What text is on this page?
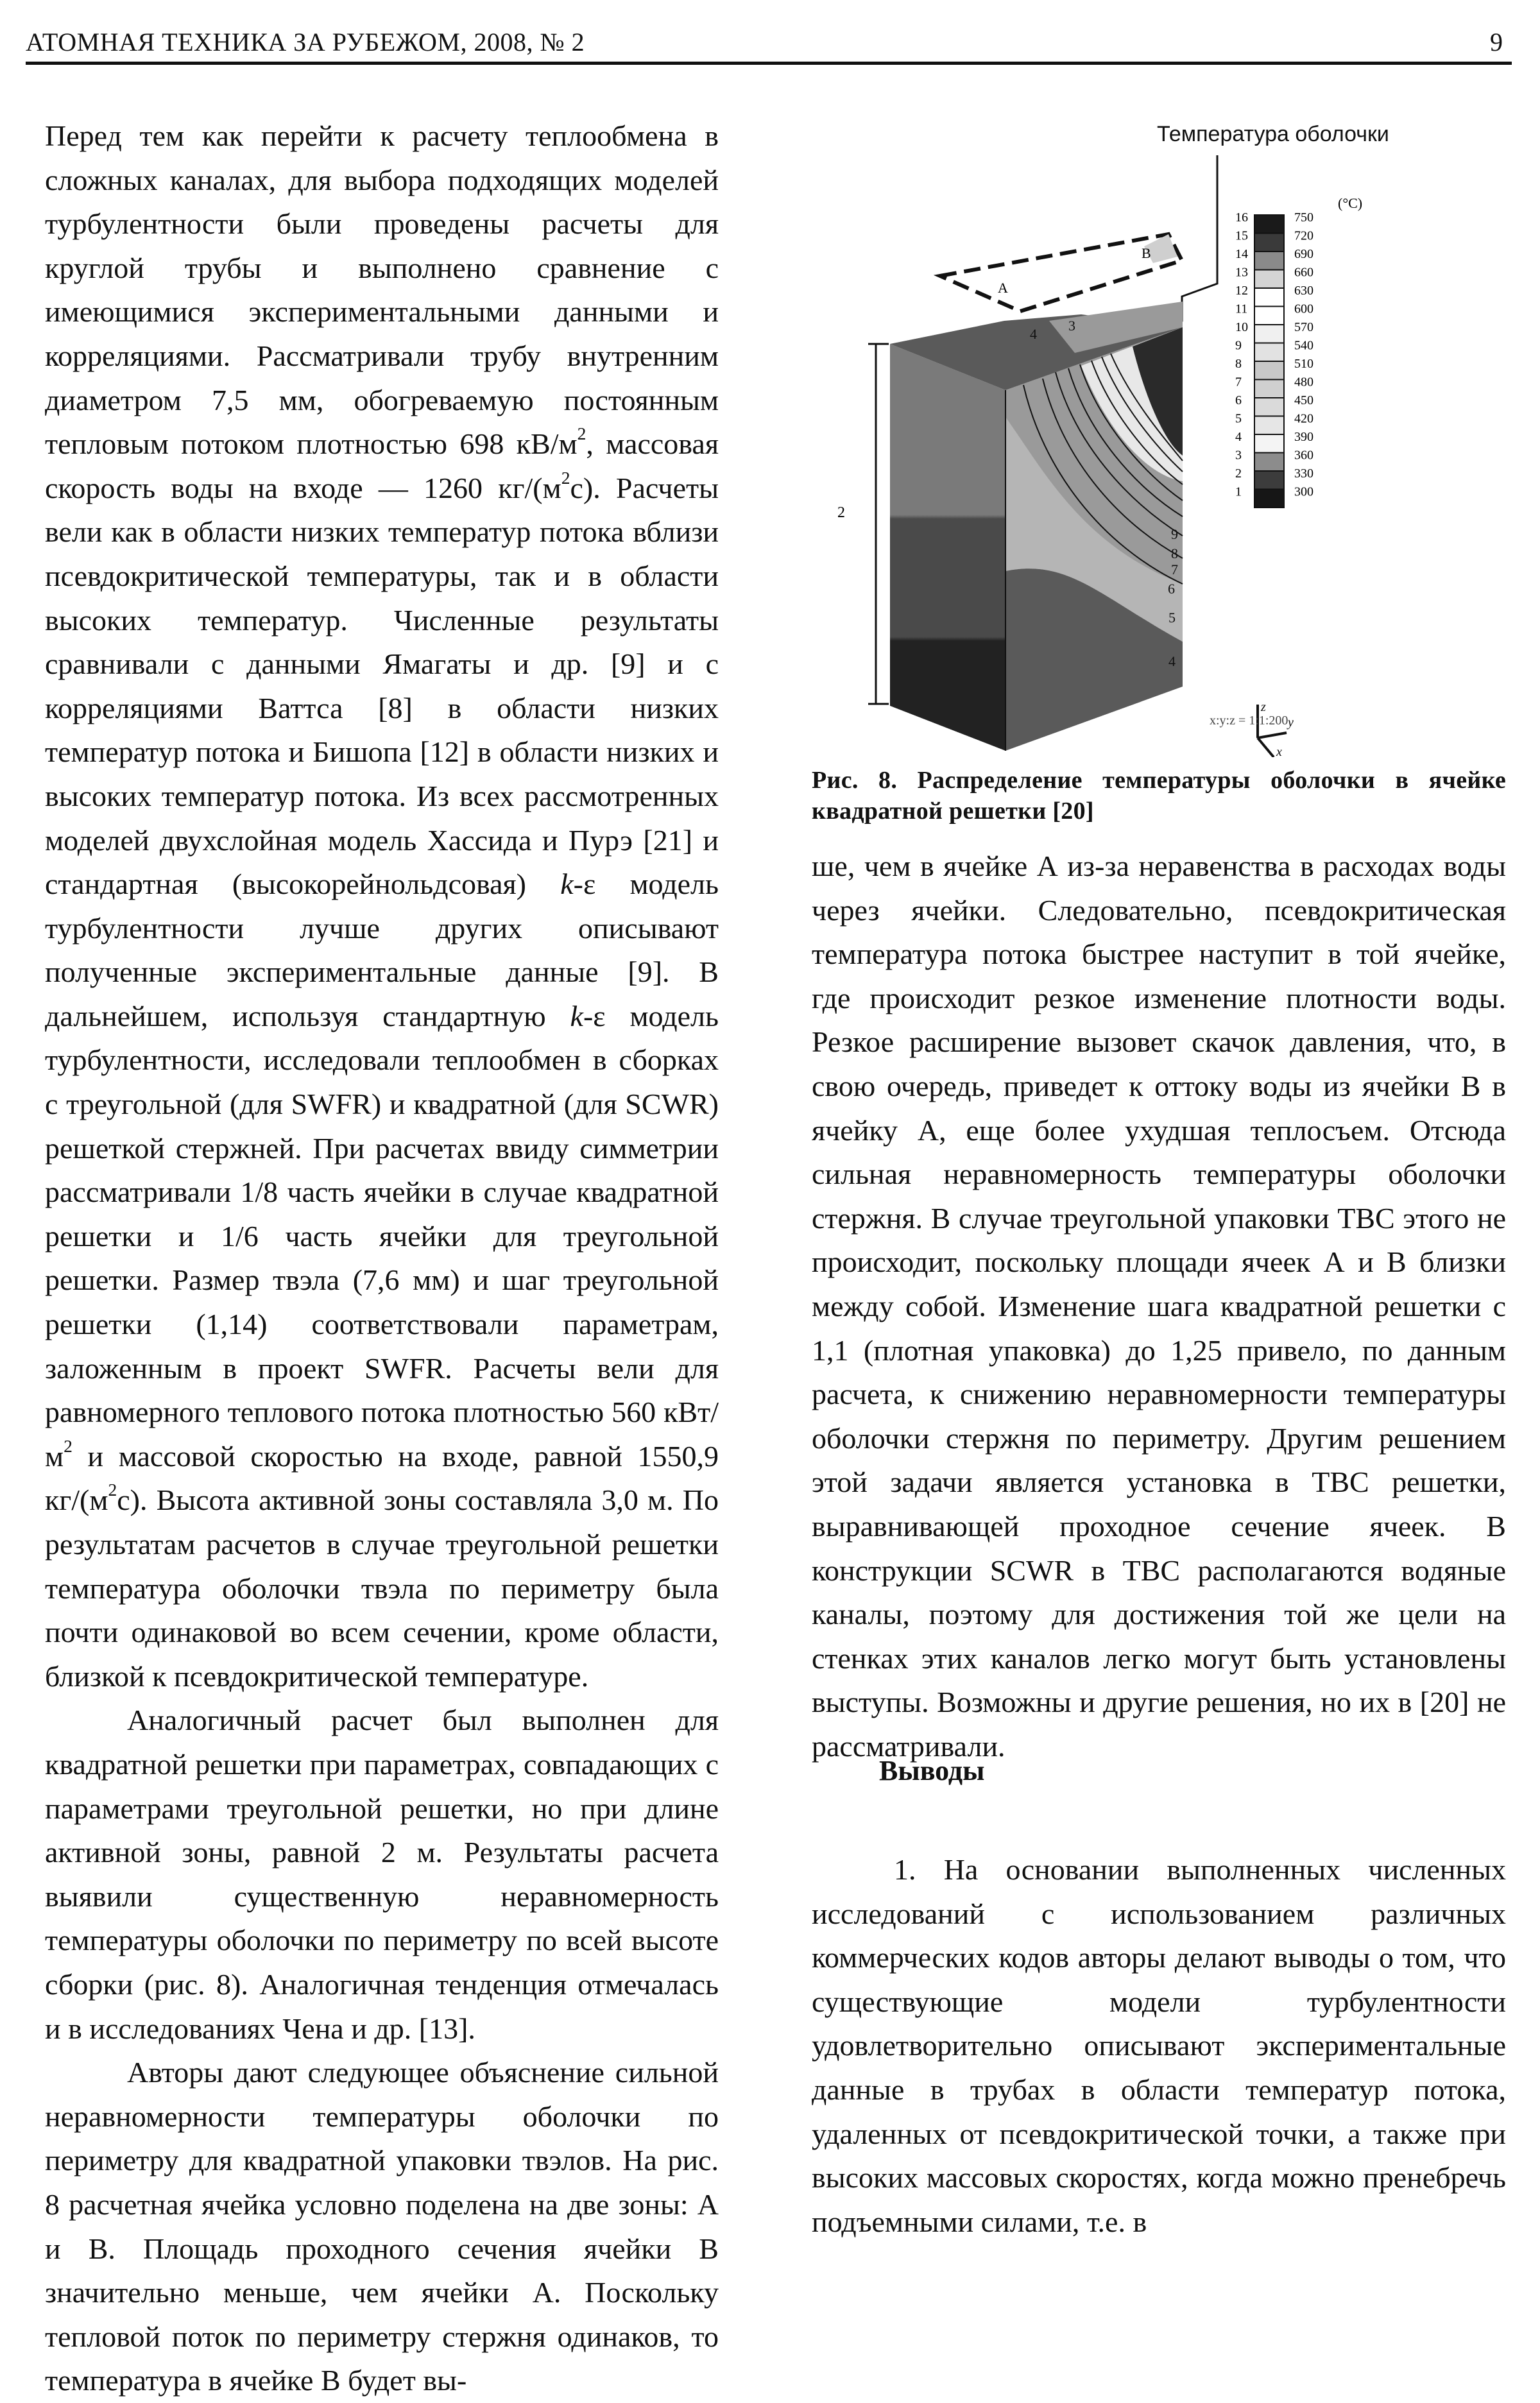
АТОМНАЯ ТЕХНИКА ЗА РУБЕЖОМ, 2008, № 2	9

Перед тем как перейти к расчету теплообмена в сложных каналах, для выбора подходящих моделей турбулентности были проведены расчеты для круглой трубы и выполнено сравнение с имеющимися экспериментальными данными и корреляциями. Рассматривали трубу внутренним диаметром 7,5 мм, обогреваемую постоянным тепловым потоком плотностью 698 $кВ/м^2$, массовая скорость воды на входе — 1260 $кг/(м^2с)$. Расчеты вели как в области низких температур потока вблизи псевдокритической температуры, так и в области высоких температур. Численные результаты сравнивали с данными Ямагаты и др. [9] и с корреляциями Ваттса [8] в области низких температур потока и Бишопа [12] в области низких и высоких температур потока. Из всех рассмотренных моделей двухслойная модель Хассида и Пурэ [21] и стандартная (высокорейнольдсовая) k-ε модель турбулентности лучше других описывают полученные экспериментальные данные [9]. В дальнейшем, используя стандартную k-ε модель турбулентности, исследовали теплообмен в сборках с треугольной (для SWFR) и квадратной (для SCWR) решеткой стержней. При расчетах ввиду симметрии рассматривали 1/8 часть ячейки в случае квадратной решетки и 1/6 часть ячейки для треугольной решетки. Размер твэла (7,6 мм) и шаг треугольной решетки (1,14) соответствовали параметрам, заложенным в проект SWFR. Расчеты вели для равномерного теплового потока плотностью 560 кВт/$м^2$ и массовой скоростью на входе, равной 1550,9 $кг/(м^2с)$. Высота активной зоны составляла 3,0 м. По результатам расчетов в случае треугольной решетки температура оболочки твэла по периметру была почти одинаковой во всем сечении, кроме области, близкой к псевдокритической температуре.

Аналогичный расчет был выполнен для квадратной решетки при параметрах, совпадающих с параметрами треугольной решетки, но при длине активной зоны, равной 2 м. Результаты расчета выявили существенную неравномерность температуры оболочки по периметру по всей высоте сборки (рис. 8). Аналогичная тенденция отмечалась и в исследованиях Чена и др. [13].

Авторы дают следующее объяснение сильной неравномерности температуры оболочки по периметру для квадратной упаковки твэлов. На рис. 8 расчетная ячейка условно поделена на две зоны: А и В. Площадь проходного сечения ячейки В значительно меньше, чем ячейки А. Поскольку тепловой поток по периметру стержня одинаков, то температура в ячейке В будет вы-

Температура оболочки
A
B
2
9
8
7
6
5
4
3
4
(°C)
16	750
15	720
14	690
13	660
12	630
11	600
10	570
9	540
8	510
7	480
6	450
5	420
4	390
3	360
2	330
1	300
z
y
x
x:y:z = 1:1:200
Рис. 8. Распределение температуры оболочки в ячейке квадратной решетки [20]

ше, чем в ячейке А из-за неравенства в расходах воды через ячейки. Следовательно, псевдокритическая температура потока быстрее наступит в той ячейке, где происходит резкое изменение плотности воды. Резкое расширение вызовет скачок давления, что, в свою очередь, приведет к оттоку воды из ячейки В в ячейку А, еще более ухудшая теплосъем. Отсюда сильная неравномерность температуры оболочки стержня. В случае треугольной упаковки ТВС этого не происходит, поскольку площади ячеек А и В близки между собой. Изменение шага квадратной решетки с 1,1 (плотная упаковка) до 1,25 привело, по данным расчета, к снижению неравномерности температуры оболочки стержня по периметру. Другим решением этой задачи является установка в ТВС решетки, выравнивающей проходное сечение ячеек. В конструкции SCWR в ТВС располагаются водяные каналы, поэтому для достижения той же цели на стенках этих каналов легко могут быть установлены выступы. Возможны и другие решения, но их в [20] не рассматривали.

Выводы

1. На основании выполненных численных исследований с использованием различных коммерческих кодов авторы делают выводы о том, что существующие модели турбулентности удовлетворительно описывают экспериментальные данные в трубах в области температур потока, удаленных от псевдокритической точки, а также при высоких массовых скоростях, когда можно пренебречь подъемными силами, т.е. в
